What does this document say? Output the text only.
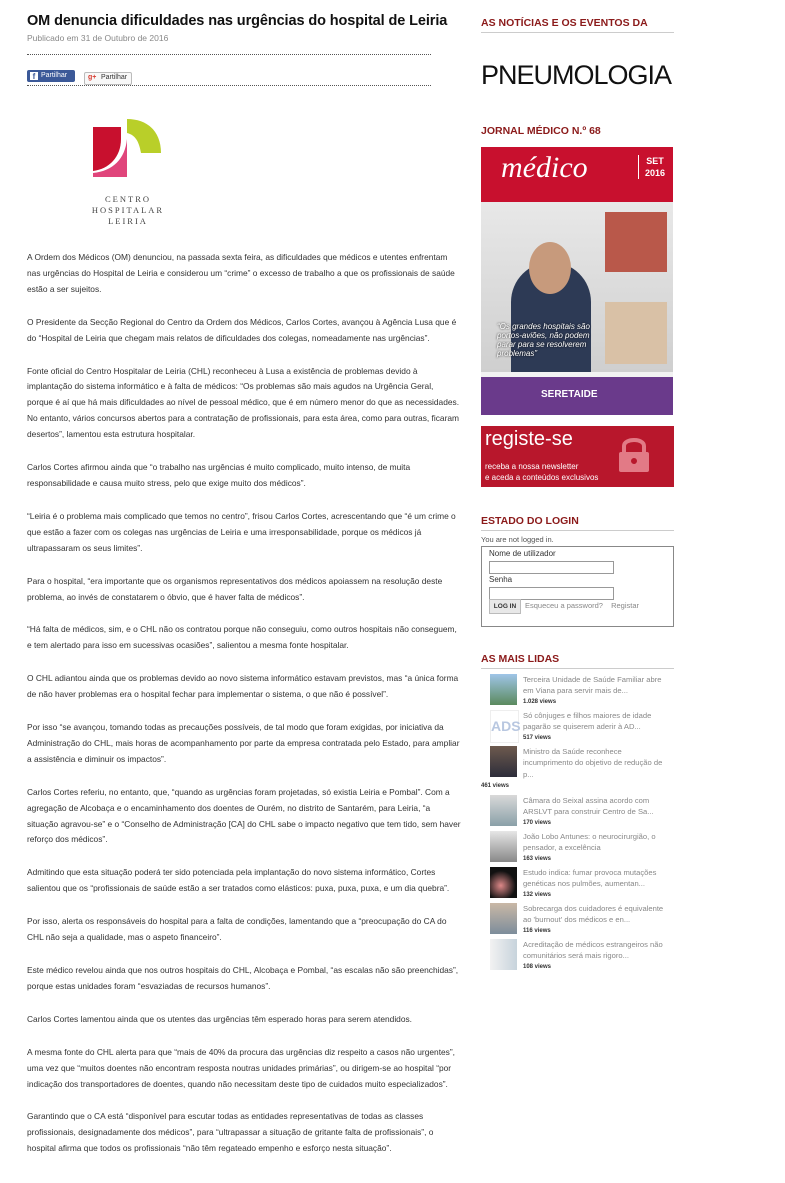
OM denuncia dificuldades nas urgências do hospital de Leiria
Publicado em 31 de Outubro de 2016
f Partilhar	g+ Partilhar
CENTRO
HOSPITALAR
LEIRIA

A Ordem dos Médicos (OM) denunciou, na passada sexta feira, as dificuldades que médicos e utentes enfrentam nas urgências do Hospital de Leiria e considerou um “crime” o excesso de trabalho a que os profissionais de saúde estão a ser sujeitos.

O Presidente da Secção Regional do Centro da Ordem dos Médicos, Carlos Cortes, avançou à Agência Lusa que é do “Hospital de Leiria que chegam mais relatos de dificuldades dos colegas, nomeadamente nas urgências”.

Fonte oficial do Centro Hospitalar de Leiria (CHL) reconheceu à Lusa a existência de problemas devido à implantação do sistema informático e à falta de médicos: “Os problemas são mais agudos na Urgência Geral, porque é aí que há mais dificuldades ao nível de pessoal médico, que é em número menor do que as necessidades. No entanto, vários concursos abertos para a contratação de profissionais, para esta área, como para outras, ficaram desertos”, lamentou esta estrutura hospitalar.

Carlos Cortes afirmou ainda que “o trabalho nas urgências é muito complicado, muito intenso, de muita responsabilidade e causa muito stress, pelo que exige muito dos médicos”.

“Leiria é o problema mais complicado que temos no centro”, frisou Carlos Cortes, acrescentando que “é um crime o que estão a fazer com os colegas nas urgências de Leiria e uma irresponsabilidade, porque os médicos já ultrapassaram os seus limites”.

Para o hospital, “era importante que os organismos representativos dos médicos apoiassem na resolução deste problema, ao invés de constatarem o óbvio, que é haver falta de médicos”.

“Há falta de médicos, sim, e o CHL não os contratou porque não conseguiu, como outros hospitais não conseguem, e tem alertado para isso em sucessivas ocasiões”, salientou a mesma fonte hospitalar.

O CHL adiantou ainda que os problemas devido ao novo sistema informático estavam previstos, mas “a única forma de não haver problemas era o hospital fechar para implementar o sistema, o que não é possível”.

Por isso “se avançou, tomando todas as precauções possíveis, de tal modo que foram exigidas, por iniciativa da Administração do CHL, mais horas de acompanhamento por parte da empresa contratada pelo Estado, para ampliar a assistência e diminuir os impactos”.

Carlos Cortes referiu, no entanto, que, “quando as urgências foram projetadas, só existia Leiria e Pombal”. Com a agregação de Alcobaça e o encaminhamento dos doentes de Ourém, no distrito de Santarém, para Leiria, “a situação agravou-se” e o “Conselho de Administração [CA] do CHL sabe o impacto negativo que tem tido, sem haver reforço dos médicos”.

Admitindo que esta situação poderá ter sido potenciada pela implantação do novo sistema informático, Cortes salientou que os “profissionais de saúde estão a ser tratados como elásticos: puxa, puxa, puxa, e um dia quebra”.

Por isso, alerta os responsáveis do hospital para a falta de condições, lamentando que a “preocupação do CA do CHL não seja a qualidade, mas o aspeto financeiro”.

Este médico revelou ainda que nos outros hospitais do CHL, Alcobaça e Pombal, “as escalas não são preenchidas”, porque estas unidades foram “esvaziadas de recursos humanos”.

Carlos Cortes lamentou ainda que os utentes das urgências têm esperado horas para serem atendidos.

A mesma fonte do CHL alerta para que “mais de 40% da procura das urgências diz respeito a casos não urgentes”, uma vez que “muitos doentes não encontram resposta noutras unidades primárias”, ou dirigem-se ao hospital “por indicação dos transportadores de doentes, quando não necessitam deste tipo de cuidados muito especializados”.

Garantindo que o CA está “disponível para escutar todas as entidades representativas de todas as classes profissionais, designadamente dos médicos”, para “ultrapassar a situação de gritante falta de profissionais”, o hospital afirma que todos os profissionais “não têm regateado empenho e esforço nesta situação”.

AS NOTÍCIAS E OS EVENTOS DA
PNEUMOLOGIA
JORNAL MÉDICO N.º 68
médico	SET
2016
“Os grandes hospitais são portos-aviões, não podem parar para se resolverem problemas”
SERETAIDE
registe-se
receba a nossa newsletter
e aceda a conteúdos exclusivos
ESTADO DO LOGIN
You are not logged in.
Nome de utilizador
Senha
LOG IN	Esqueceu a password? Registar
AS MAIS LIDAS
Terceira Unidade de Saúde Familiar abre em Viana para servir mais de...
1.028 views
ADS
Só cônjuges e filhos maiores de idade pagarão se quiserem aderir à AD...
517 views
Ministro da Saúde reconhece incumprimento do objetivo de redução de p...
461 views
Câmara do Seixal assina acordo com ARSLVT para construir Centro de Sa...
170 views
João Lobo Antunes: o neurocirurgião, o pensador, a excelência
163 views
Estudo indica: fumar provoca mutações genéticas nos pulmões, aumentan...
132 views
Sobrecarga dos cuidadores é equivalente ao 'burnout' dos médicos e en...
116 views
Acreditação de médicos estrangeiros não comunitários será mais rigoro...
108 views
